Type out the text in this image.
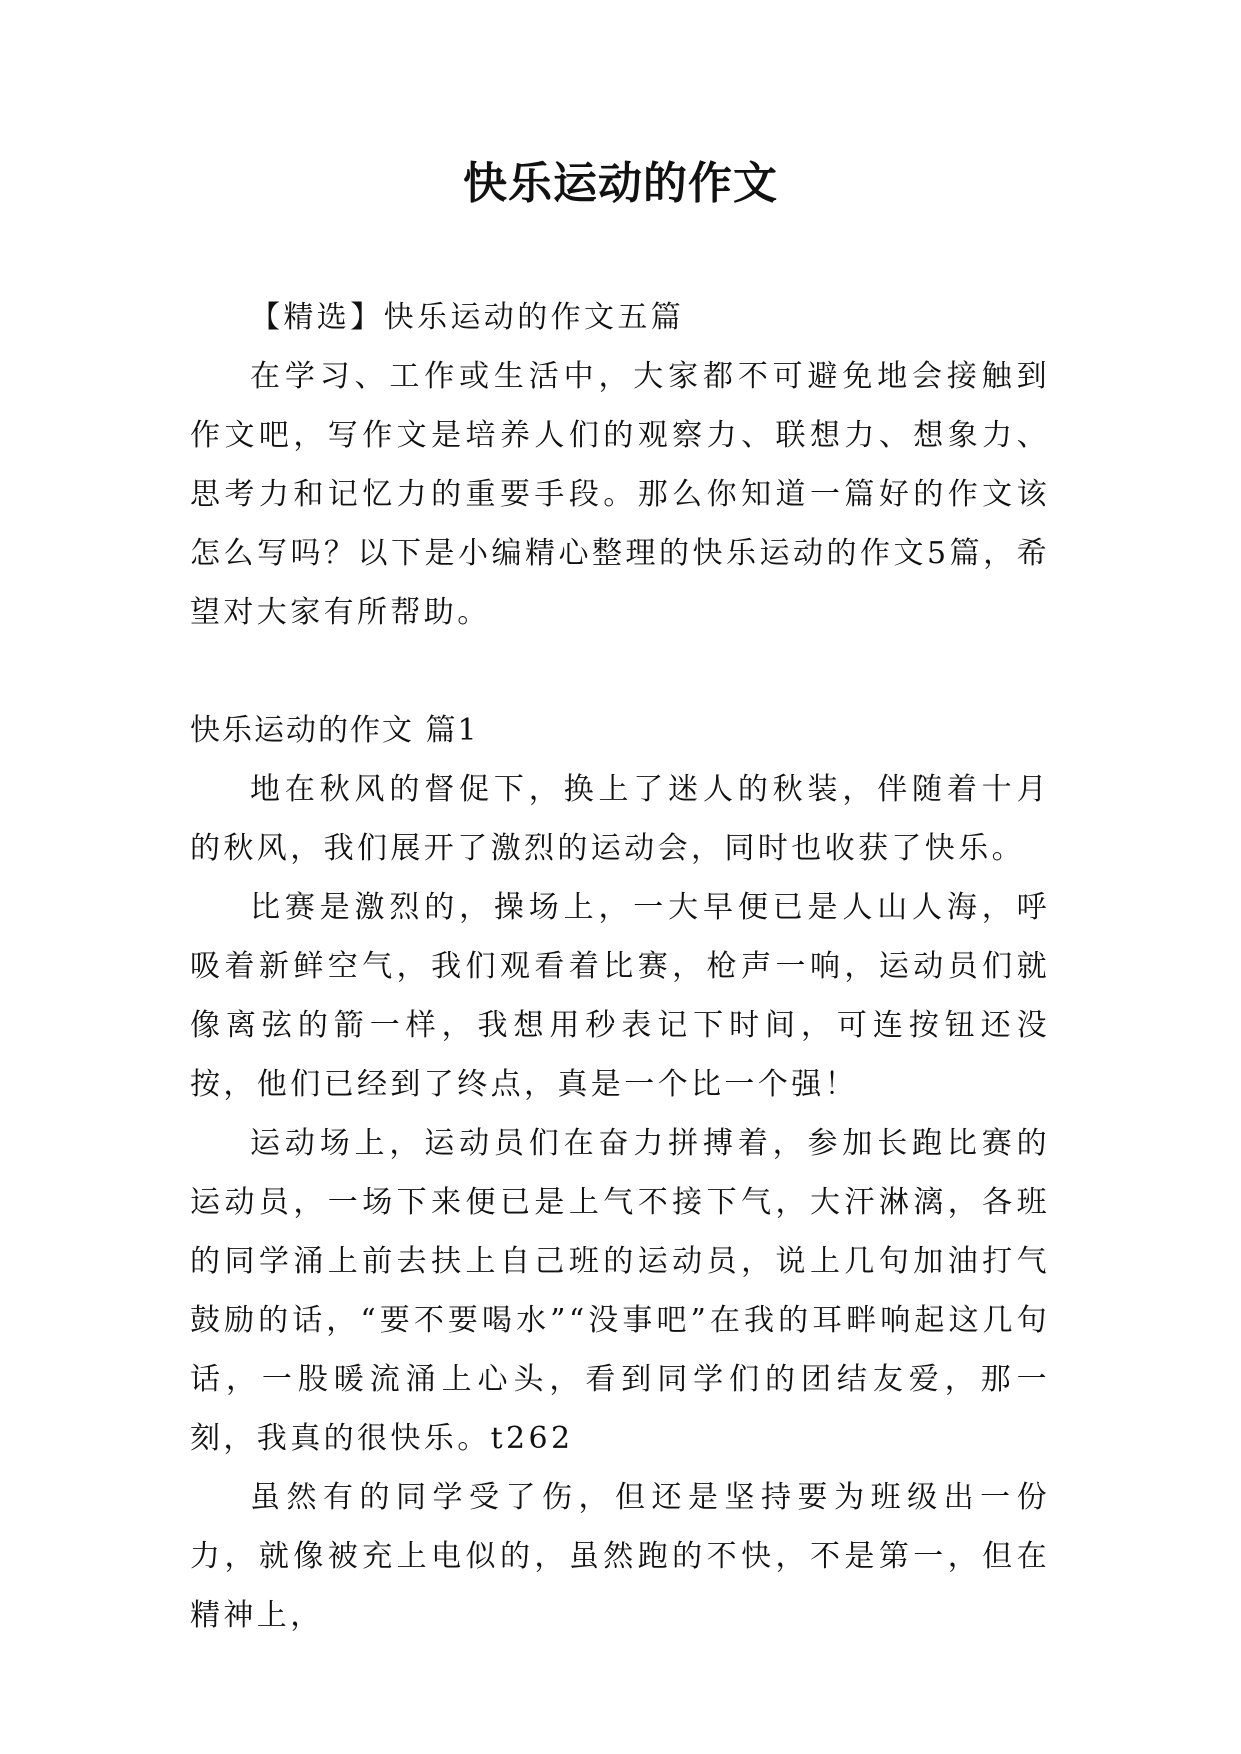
快乐运动的作文

【精选】快乐运动的作文五篇

在学习、工作或生活中，大家都不可避免地会接触到作文吧，写作文是培养人们的观察力、联想力、想象力、思考力和记忆力的重要手段。那么你知道一篇好的作文该怎么写吗？以下是小编精心整理的快乐运动的作文5篇，希望对大家有所帮助。

快乐运动的作文 篇1

地在秋风的督促下，换上了迷人的秋装，伴随着十月的秋风，我们展开了激烈的运动会，同时也收获了快乐。

比赛是激烈的，操场上，一大早便已是人山人海，呼吸着新鲜空气，我们观看着比赛，枪声一响，运动员们就像离弦的箭一样，我想用秒表记下时间，可连按钮还没按，他们已经到了终点，真是一个比一个强！

运动场上，运动员们在奋力拼搏着，参加长跑比赛的运动员，一场下来便已是上气不接下气，大汗淋漓，各班的同学涌上前去扶上自己班的运动员，说上几句加油打气鼓励的话，“要不要喝水”“没事吧”在我的耳畔响起这几句话，一股暖流涌上心头，看到同学们的团结友爱，那一刻，我真的很快乐。t262

虽然有的同学受了伤，但还是坚持要为班级出一份力，就像被充上电似的，虽然跑的不快，不是第一，但在精神上，
